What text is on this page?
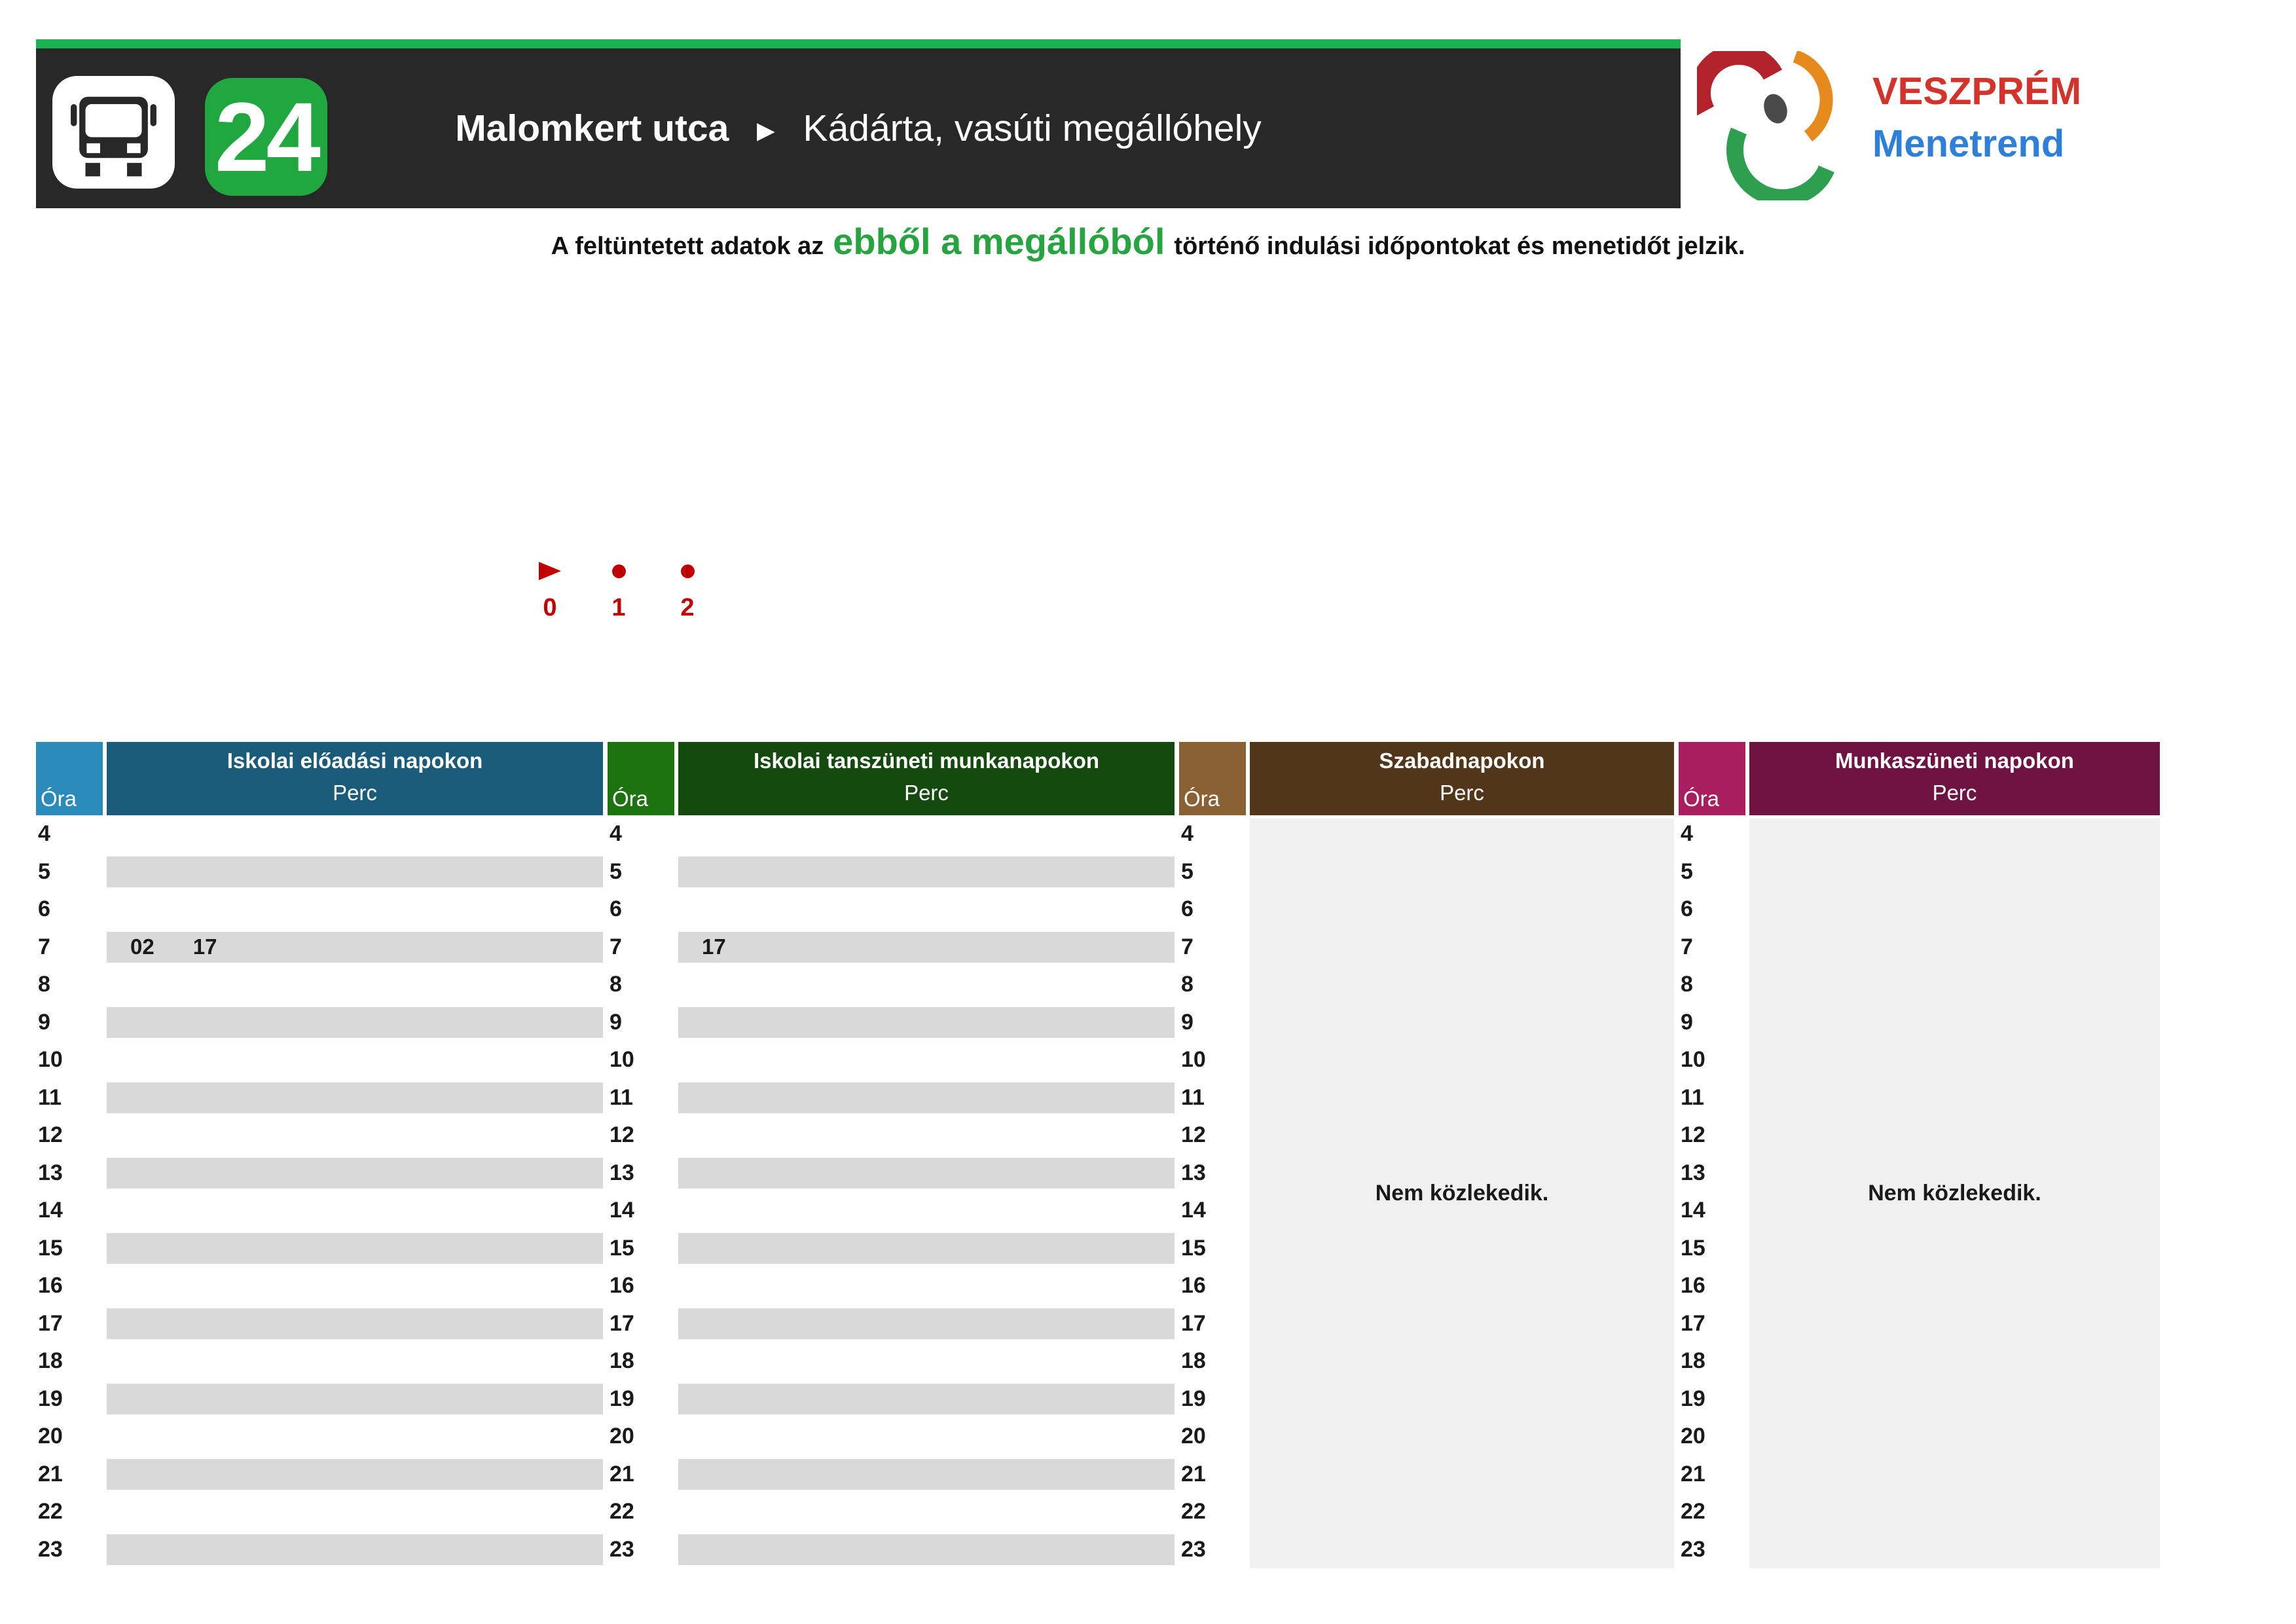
24	Malomkert utca ► Kádárta, vasúti megállóhely
VESZPRÉM
Menetrend
A feltüntetett adatok az ebből a megállóból történő indulási időpontokat és menetidőt jelzik.
0	1	2
Óra
Iskolai előadási napokon
Perc
4
5
6
7	02 17
8
9
10
11
12
13
14
15
16
17
18
19
20
21
22
23
Óra
Iskolai tanszüneti munkanapokon
Perc
4
5
6
7	17
8
9
10
11
12
13
14
15
16
17
18
19
20
21
22
23
Óra
Szabadnapokon
Perc
4
5
6
7
8
9
10
11
12
13
14
15
16
17
18
19
20
21
22
23
Nem közlekedik.
Óra
Munkaszüneti napokon
Perc
4
5
6
7
8
9
10
11
12
13
14
15
16
17
18
19
20
21
22
23
Nem közlekedik.
